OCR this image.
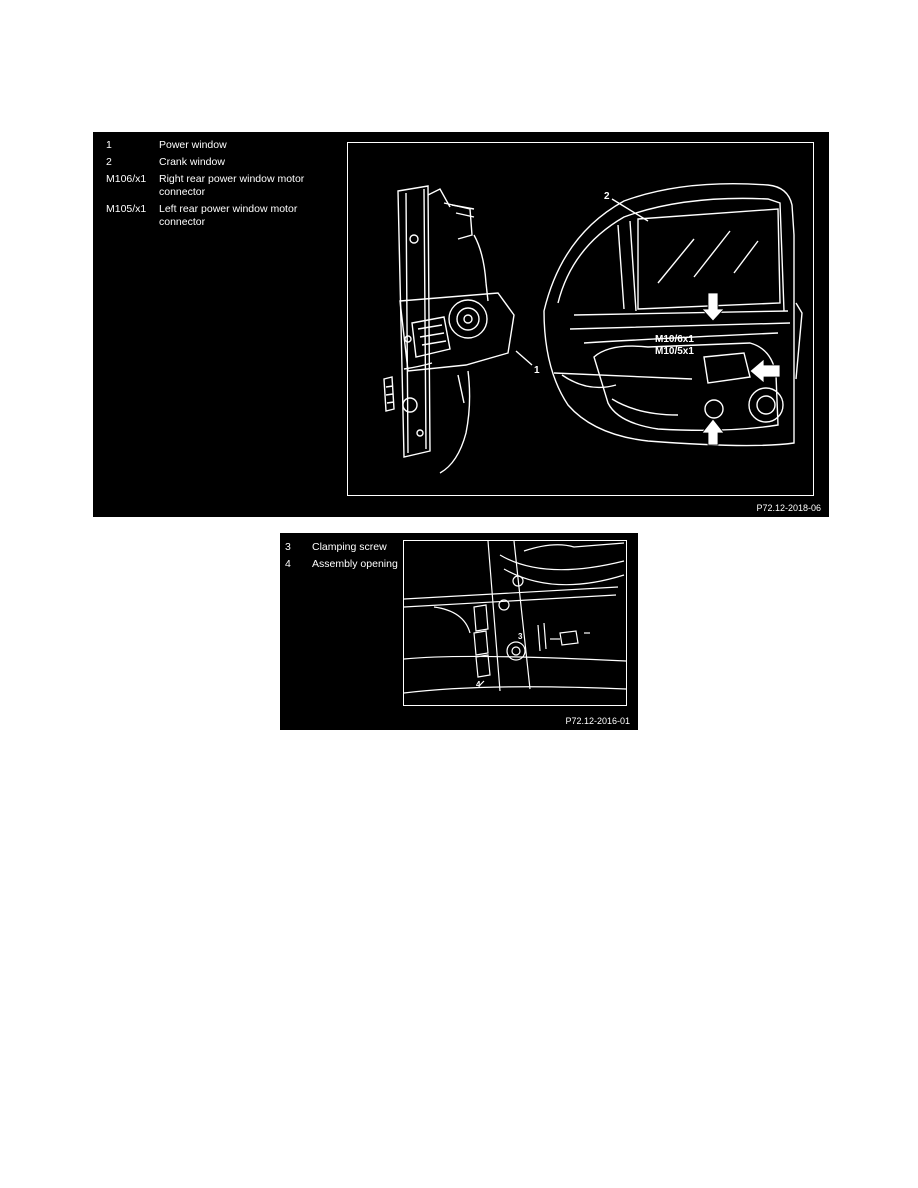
1	Power window
2	Crank window
M106/x1 Right rear power window motor connector
M105/x1 Left rear power window motor connector
1
2
M10/6x1
M10/5x1
P72.12-2018-06
3 Clamping screw
4 Assembly opening
3
4
P72.12-2016-01
